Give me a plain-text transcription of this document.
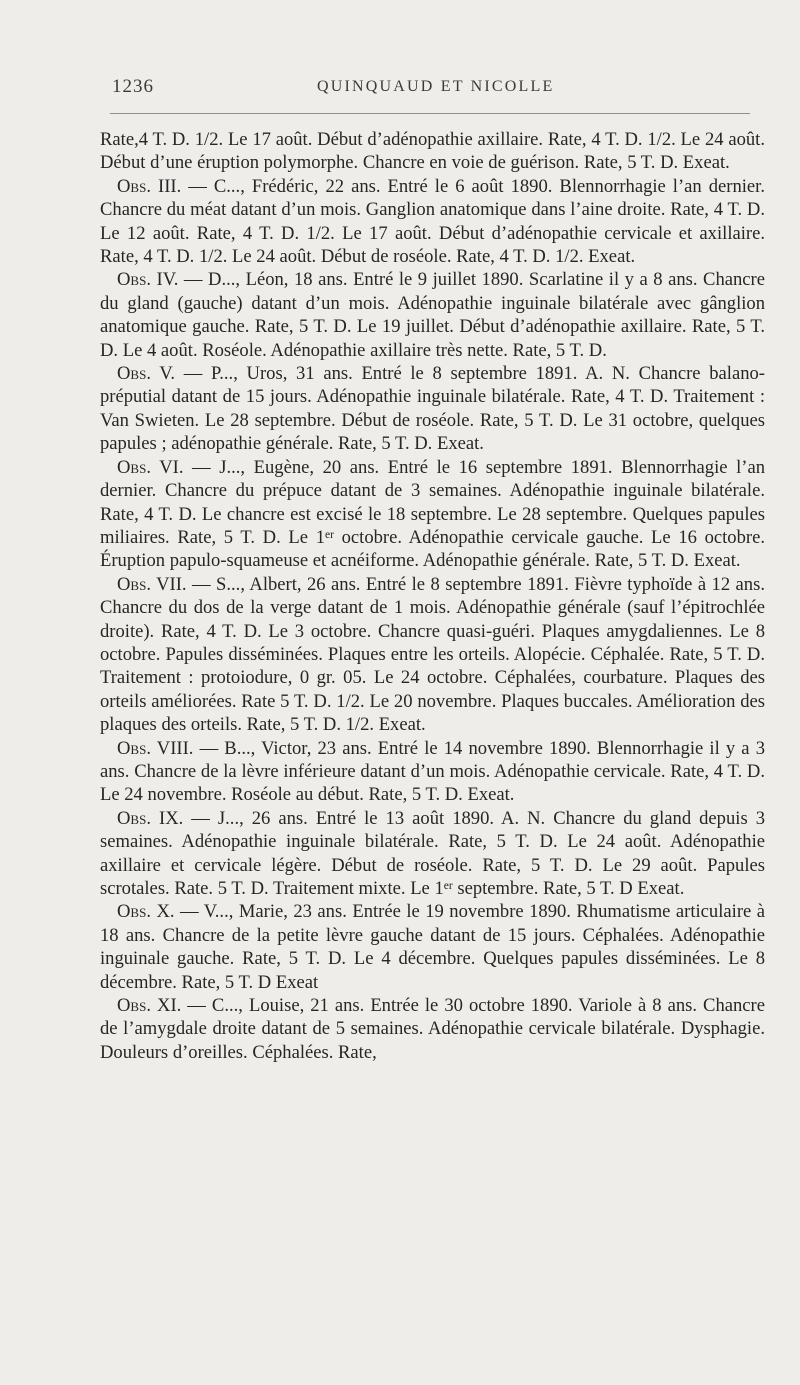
1236	QUINQUAUD ET NICOLLE

Rate,4 T. D. 1/2. Le 17 août. Début d’adénopathie axillaire. Rate, 4 T. D. 1/2. Le 24 août. Début d’une éruption polymorphe. Chancre en voie de guérison. Rate, 5 T. D. Exeat.

Obs. III. — C..., Frédéric, 22 ans. Entré le 6 août 1890. Blennorrhagie l’an dernier. Chancre du méat datant d’un mois. Ganglion anatomique dans l’aine droite. Rate, 4 T. D. Le 12 août. Rate, 4 T. D. 1/2. Le 17 août. Début d’adénopathie cervicale et axillaire. Rate, 4 T. D. 1/2. Le 24 août. Début de roséole. Rate, 4 T. D. 1/2. Exeat.

Obs. IV. — D..., Léon, 18 ans. Entré le 9 juillet 1890. Scarlatine il y a 8 ans. Chancre du gland (gauche) datant d’un mois. Adénopathie inguinale bilatérale avec gânglion anatomique gauche. Rate, 5 T. D. Le 19 juillet. Début d’adénopathie axillaire. Rate, 5 T. D. Le 4 août. Roséole. Adénopathie axillaire très nette. Rate, 5 T. D.

Obs. V. — P..., Uros, 31 ans. Entré le 8 septembre 1891. A. N. Chancre balano-préputial datant de 15 jours. Adénopathie inguinale bilatérale. Rate, 4 T. D. Traitement : Van Swieten. Le 28 septembre. Début de roséole. Rate, 5 T. D. Le 31 octobre, quelques papules ; adénopathie générale. Rate, 5 T. D. Exeat.

Obs. VI. — J..., Eugène, 20 ans. Entré le 16 septembre 1891. Blennorrhagie l’an dernier. Chancre du prépuce datant de 3 semaines. Adénopathie inguinale bilatérale. Rate, 4 T. D. Le chancre est excisé le 18 septembre. Le 28 septembre. Quelques papules miliaires. Rate, 5 T. D. Le 1er octobre. Adénopathie cervicale gauche. Le 16 octobre. Éruption papulo-squameuse et acnéiforme. Adénopathie générale. Rate, 5 T. D. Exeat.

Obs. VII. — S..., Albert, 26 ans. Entré le 8 septembre 1891. Fièvre typhoïde à 12 ans. Chancre du dos de la verge datant de 1 mois. Adénopathie générale (sauf l’épitrochlée droite). Rate, 4 T. D. Le 3 octobre. Chancre quasi-guéri. Plaques amygdaliennes. Le 8 octobre. Papules disséminées. Plaques entre les orteils. Alopécie. Céphalée. Rate, 5 T. D. Traitement : protoiodure, 0 gr. 05. Le 24 octobre. Céphalées, courbature. Plaques des orteils améliorées. Rate 5 T. D. 1/2. Le 20 novembre. Plaques buccales. Amélioration des plaques des orteils. Rate, 5 T. D. 1/2. Exeat.

Obs. VIII. — B..., Victor, 23 ans. Entré le 14 novembre 1890. Blennorrhagie il y a 3 ans. Chancre de la lèvre inférieure datant d’un mois. Adénopathie cervicale. Rate, 4 T. D. Le 24 novembre. Roséole au début. Rate, 5 T. D. Exeat.

Obs. IX. — J..., 26 ans. Entré le 13 août 1890. A. N. Chancre du gland depuis 3 semaines. Adénopathie inguinale bilatérale. Rate, 5 T. D. Le 24 août. Adénopathie axillaire et cervicale légère. Début de roséole. Rate, 5 T. D. Le 29 août. Papules scrotales. Rate. 5 T. D. Traitement mixte. Le 1er septembre. Rate, 5 T. D Exeat.

Obs. X. — V..., Marie, 23 ans. Entrée le 19 novembre 1890. Rhumatisme articulaire à 18 ans. Chancre de la petite lèvre gauche datant de 15 jours. Céphalées. Adénopathie inguinale gauche. Rate, 5 T. D. Le 4 décembre. Quelques papules disséminées. Le 8 décembre. Rate, 5 T. D Exeat

Obs. XI. — C..., Louise, 21 ans. Entrée le 30 octobre 1890. Variole à 8 ans. Chancre de l’amygdale droite datant de 5 semaines. Adénopathie cervicale bilatérale. Dysphagie. Douleurs d’oreilles. Céphalées. Rate,
